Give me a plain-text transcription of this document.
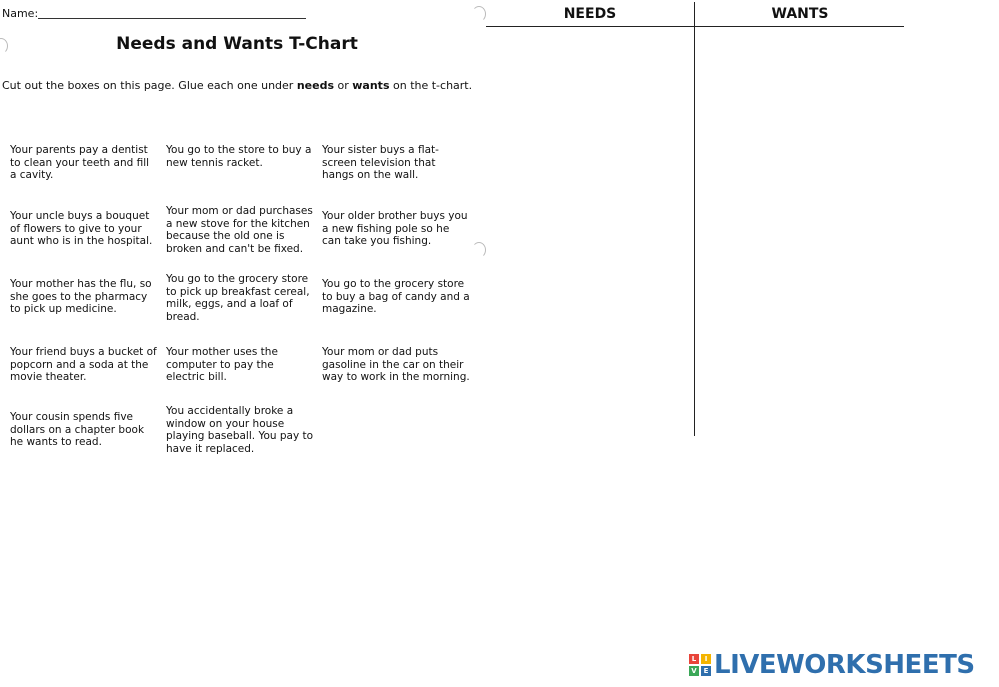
Name:
Needs and Wants T-Chart
Cut out the boxes on this page. Glue each one under needs or wants on the t-chart.
Your parents pay a dentist to clean your teeth and fill a cavity.
You go to the store to buy a new tennis racket.
Your sister buys a flat-screen television that hangs on the wall.
Your uncle buys a bouquet of flowers to give to your aunt who is in the hospital.
Your mom or dad purchases a new stove for the kitchen because the old one is broken and can't be fixed.
Your older brother buys you a new fishing pole so he can take you fishing.
Your mother has the flu, so she goes to the pharmacy to pick up medicine.
You go to the grocery store to pick up breakfast cereal, milk, eggs, and a loaf of bread.
You go to the grocery store to buy a bag of candy and a magazine.
Your friend buys a bucket of popcorn and a soda at the movie theater.
Your mother uses the computer to pay the electric bill.
Your mom or dad puts gasoline in the car on their way to work in the morning.
Your cousin spends five dollars on a chapter book he wants to read.
You accidentally broke a window on your house playing baseball. You pay to have it replaced.
NEEDS	WANTS
L	I
V E LIVEWORKSHEETS
